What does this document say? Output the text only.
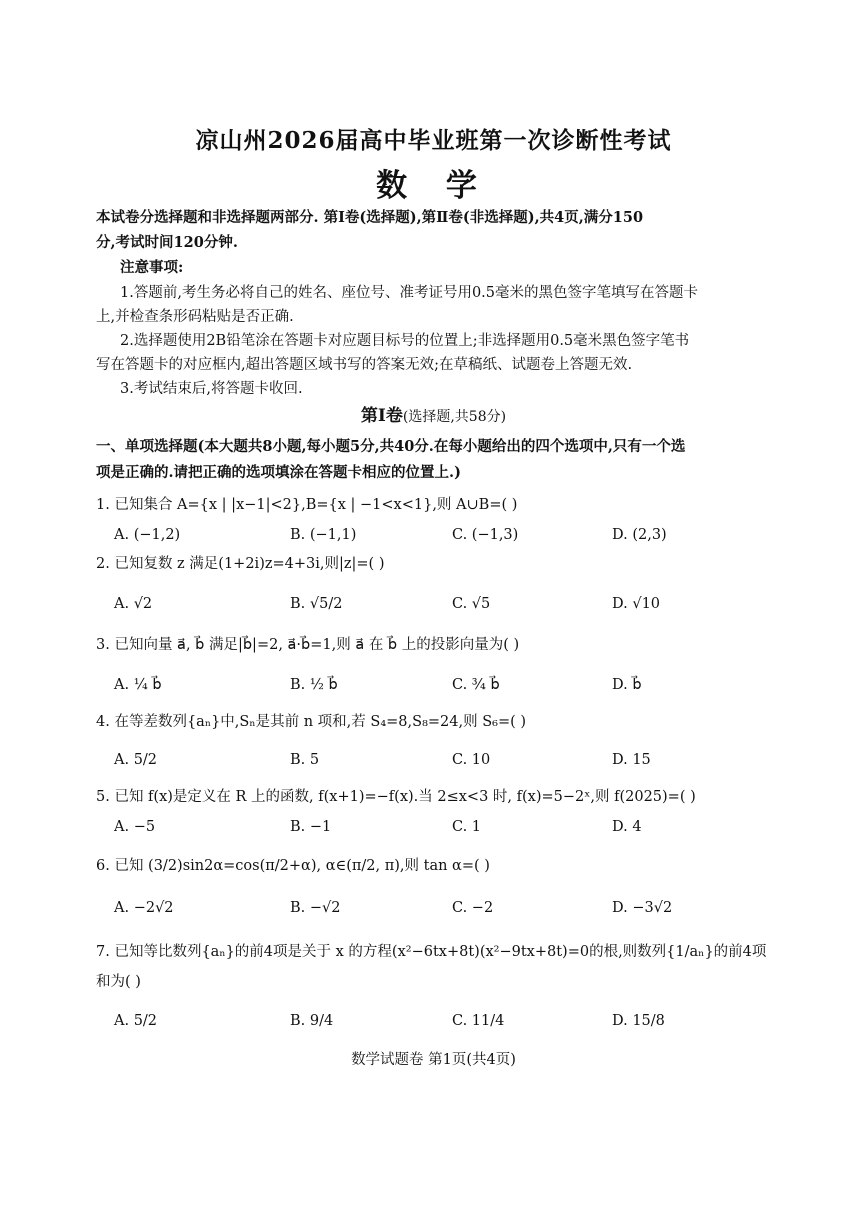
凉山州2026届高中毕业班第一次诊断性考试
数 学
本试卷分选择题和非选择题两部分. 第Ⅰ卷(选择题),第Ⅱ卷(非选择题),共4页,满分150
分,考试时间120分钟.
注意事项:
1.答题前,考生务必将自己的姓名、座位号、准考证号用0.5毫米的黑色签字笔填写在答题卡
上,并检查条形码粘贴是否正确.
2.选择题使用2B铅笔涂在答题卡对应题目标号的位置上;非选择题用0.5毫米黑色签字笔书
写在答题卡的对应框内,超出答题区域书写的答案无效;在草稿纸、试题卷上答题无效.
3.考试结束后,将答题卡收回.
第Ⅰ卷(选择题,共58分)
一、单项选择题(本大题共8小题,每小题5分,共40分.在每小题给出的四个选项中,只有一个选
项是正确的.请把正确的选项填涂在答题卡相应的位置上.)
1. 已知集合 A={x | |x−1|<2},B={x | −1<x<1},则 A∪B=( )
A. (−1,2)	B. (−1,1)	C. (−1,3)	D. (2,3)
2. 已知复数 z 满足(1+2i)z=4+3i,则|z|=( )
A. √2	B. √5/2	C. √5	D. √10
3. 已知向量 a⃗, b⃗ 满足|b⃗|=2, a⃗·b⃗=1,则 a⃗ 在 b⃗ 上的投影向量为( )
A. ¼ b⃗	B. ½ b⃗	C. ¾ b⃗	D. b⃗
4. 在等差数列{aₙ}中,Sₙ是其前 n 项和,若 S₄=8,S₈=24,则 S₆=( )
A. 5/2	B. 5	C. 10	D. 15
5. 已知 f(x)是定义在 R 上的函数, f(x+1)=−f(x).当 2≤x<3 时, f(x)=5−2ˣ,则 f(2025)=( )
A. −5	B. −1	C. 1	D. 4
6. 已知 (3/2)sin2α=cos(π/2+α), α∈(π/2, π),则 tan α=( )
A. −2√2	B. −√2	C. −2	D. −3√2
7. 已知等比数列{aₙ}的前4项是关于 x 的方程(x²−6tx+8t)(x²−9tx+8t)=0的根,则数列{1/aₙ}的前4项
和为( )
A. 5/2	B. 9/4	C. 11/4	D. 15/8
数学试题卷 第1页(共4页)
